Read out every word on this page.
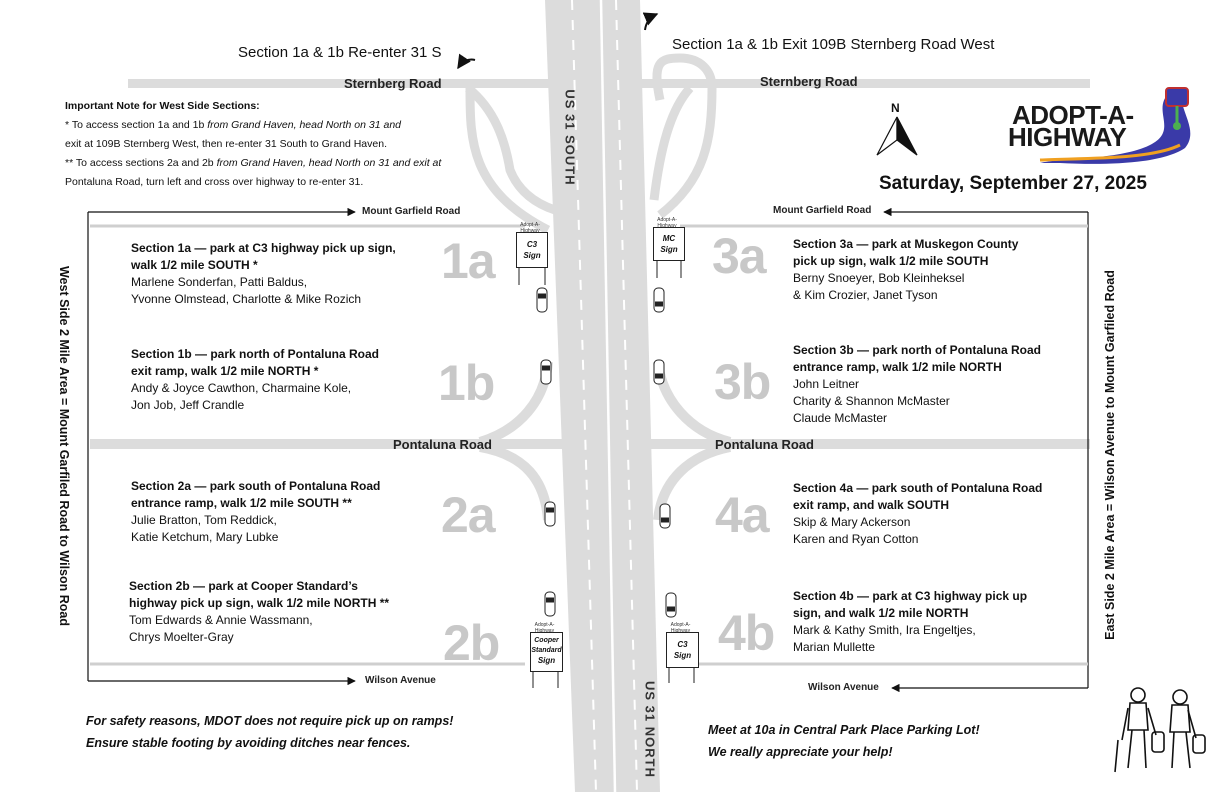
Section 1a & 1b Re-enter 31 S	Section 1a & 1b Exit 109B Sternberg Road West
Sternberg Road	Sternberg Road
Mount Garfield Road	Mount Garfield Road
Pontaluna Road	Pontaluna Road
Wilson Avenue
Wilson Avenue
US 31 SOUTH
US 31 NORTH
Important Note for West Side Sections:
* To access section 1a and 1b from Grand Haven, head North on 31 and
exit at 109B Sternberg West, then re-enter 31 South to Grand Haven.
** To access sections 2a and 2b from Grand Haven, head North on 31 and exit at
Pontaluna Road, turn left and cross over highway to re-enter 31.
N	ADOPT-A-
HIGHWAY
Saturday, September 27, 2025
West Side 2 Mile Area = Mount Garfiled Road to Wilson Road	East Side 2 Mile Area = Wilson Avenue to Mount Garfiled Road
1a
1b
2a
2b
3a
3b
4a
4b
Section 1a — park at C3 highway pick up sign,
walk 1/2 mile SOUTH *
Marlene Sonderfan, Patti Baldus,
Yvonne Olmstead, Charlotte & Mike Rozich
Section 1b — park north of Pontaluna Road
exit ramp, walk 1/2 mile NORTH *
Andy & Joyce Cawthon, Charmaine Kole,
Jon Job, Jeff Crandle
Section 2a — park south of Pontaluna Road
entrance ramp, walk 1/2 mile SOUTH **
Julie Bratton, Tom Reddick,
Katie Ketchum, Mary Lubke
Section 2b — park at Cooper Standard’s
highway pick up sign, walk 1/2 mile NORTH **
Tom Edwards & Annie Wassmann,
Chrys Moelter-Gray
Section 3a — park at Muskegon County
pick up sign, walk 1/2 mile SOUTH
Berny Snoeyer, Bob Kleinheksel
& Kim Crozier, Janet Tyson
Section 3b — park north of Pontaluna Road
entrance ramp, walk 1/2 mile NORTH
John Leitner
Charity & Shannon McMaster
Claude McMaster
Section 4a — park south of Pontaluna Road
exit ramp, and walk SOUTH
Skip & Mary Ackerson
Karen and Ryan Cotton
Section 4b — park at C3 highway pick up
sign, and walk 1/2 mile NORTH
Mark & Kathy Smith, Ira Engeltjes,
Marian Mullette
Adopt-A-Highway
C3
Sign
Adopt-A-Highway
MC
Sign
Adopt-A-Highway
Cooper
Standard
Sign
Adopt-A-Highway
C3
Sign
For safety reasons, MDOT does not require pick up on ramps!
Ensure stable footing by avoiding ditches near fences.
Meet at 10a in Central Park Place Parking Lot!
We really appreciate your help!
